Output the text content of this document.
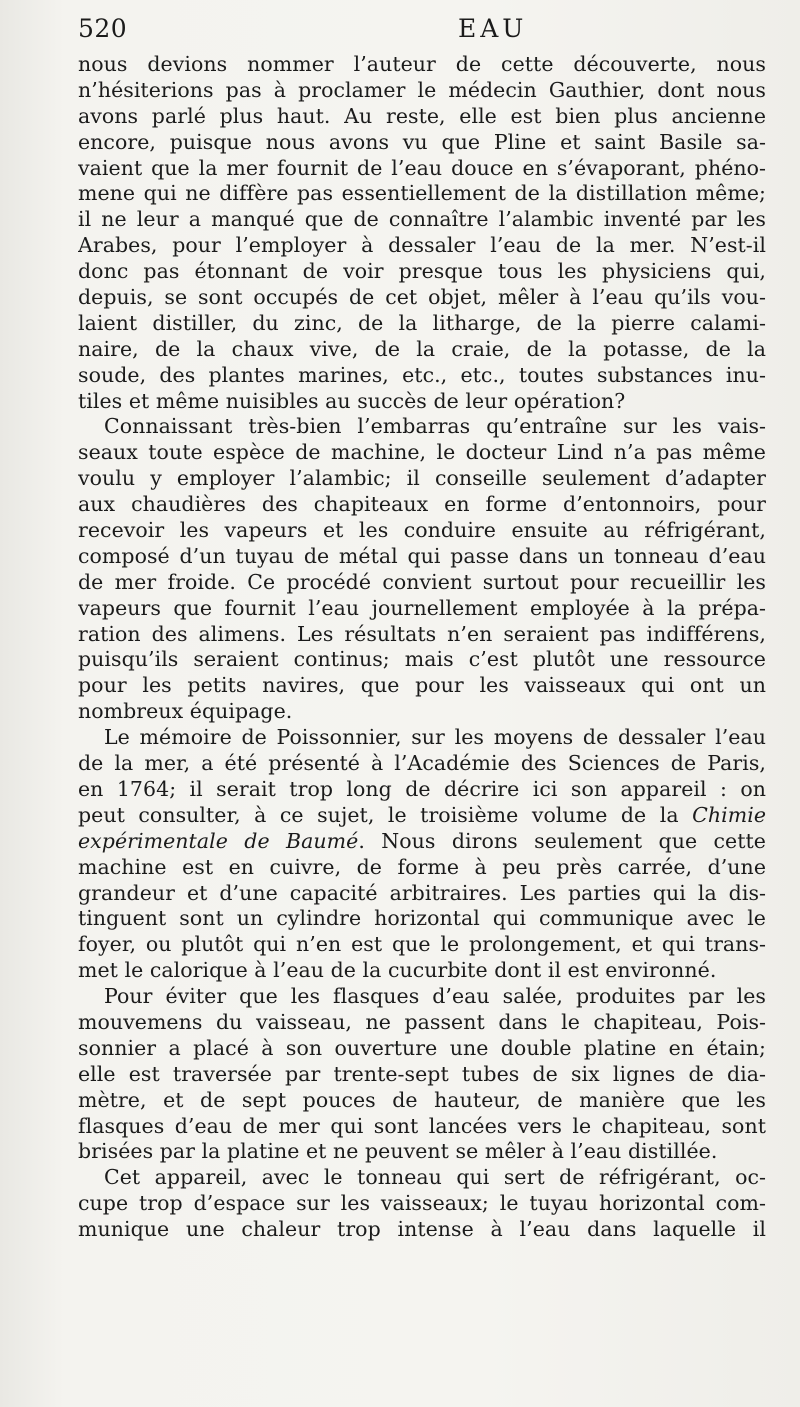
520	EAU
nous devions nommer l’auteur de cette découverte, nous
n’hésiterions pas à proclamer le médecin Gauthier, dont nous
avons parlé plus haut. Au reste, elle est bien plus ancienne
encore, puisque nous avons vu que Pline et saint Basile sa-
vaient que la mer fournit de l’eau douce en s’évaporant, phéno-
mene qui ne diffère pas essentiellement de la distillation même;
il ne leur a manqué que de connaître l’alambic inventé par les
Arabes, pour l’employer à dessaler l’eau de la mer. N’est-il
donc pas étonnant de voir presque tous les physiciens qui,
depuis, se sont occupés de cet objet, mêler à l’eau qu’ils vou-
laient distiller, du zinc, de la litharge, de la pierre calami-
naire, de la chaux vive, de la craie, de la potasse, de la
soude, des plantes marines, etc., etc., toutes substances inu-
tiles et même nuisibles au succès de leur opération?
Connaissant très-bien l’embarras qu’entraîne sur les vais-
seaux toute espèce de machine, le docteur Lind n’a pas même
voulu y employer l’alambic; il conseille seulement d’adapter
aux chaudières des chapiteaux en forme d’entonnoirs, pour
recevoir les vapeurs et les conduire ensuite au réfrigérant,
composé d’un tuyau de métal qui passe dans un tonneau d’eau
de mer froide. Ce procédé convient surtout pour recueillir les
vapeurs que fournit l’eau journellement employée à la prépa-
ration des alimens. Les résultats n’en seraient pas indifférens,
puisqu’ils seraient continus; mais c’est plutôt une ressource
pour les petits navires, que pour les vaisseaux qui ont un
nombreux équipage.
Le mémoire de Poissonnier, sur les moyens de dessaler l’eau
de la mer, a été présenté à l’Académie des Sciences de Paris,
en 1764; il serait trop long de décrire ici son appareil : on
peut consulter, à ce sujet, le troisième volume de la Chimie
expérimentale de Baumé. Nous dirons seulement que cette
machine est en cuivre, de forme à peu près carrée, d’une
grandeur et d’une capacité arbitraires. Les parties qui la dis-
tinguent sont un cylindre horizontal qui communique avec le
foyer, ou plutôt qui n’en est que le prolongement, et qui trans-
met le calorique à l’eau de la cucurbite dont il est environné.
Pour éviter que les flasques d’eau salée, produites par les
mouvemens du vaisseau, ne passent dans le chapiteau, Pois-
sonnier a placé à son ouverture une double platine en étain;
elle est traversée par trente-sept tubes de six lignes de dia-
mètre, et de sept pouces de hauteur, de manière que les
flasques d’eau de mer qui sont lancées vers le chapiteau, sont
brisées par la platine et ne peuvent se mêler à l’eau distillée.
Cet appareil, avec le tonneau qui sert de réfrigérant, oc-
cupe trop d’espace sur les vaisseaux; le tuyau horizontal com-
munique une chaleur trop intense à l’eau dans laquelle il
